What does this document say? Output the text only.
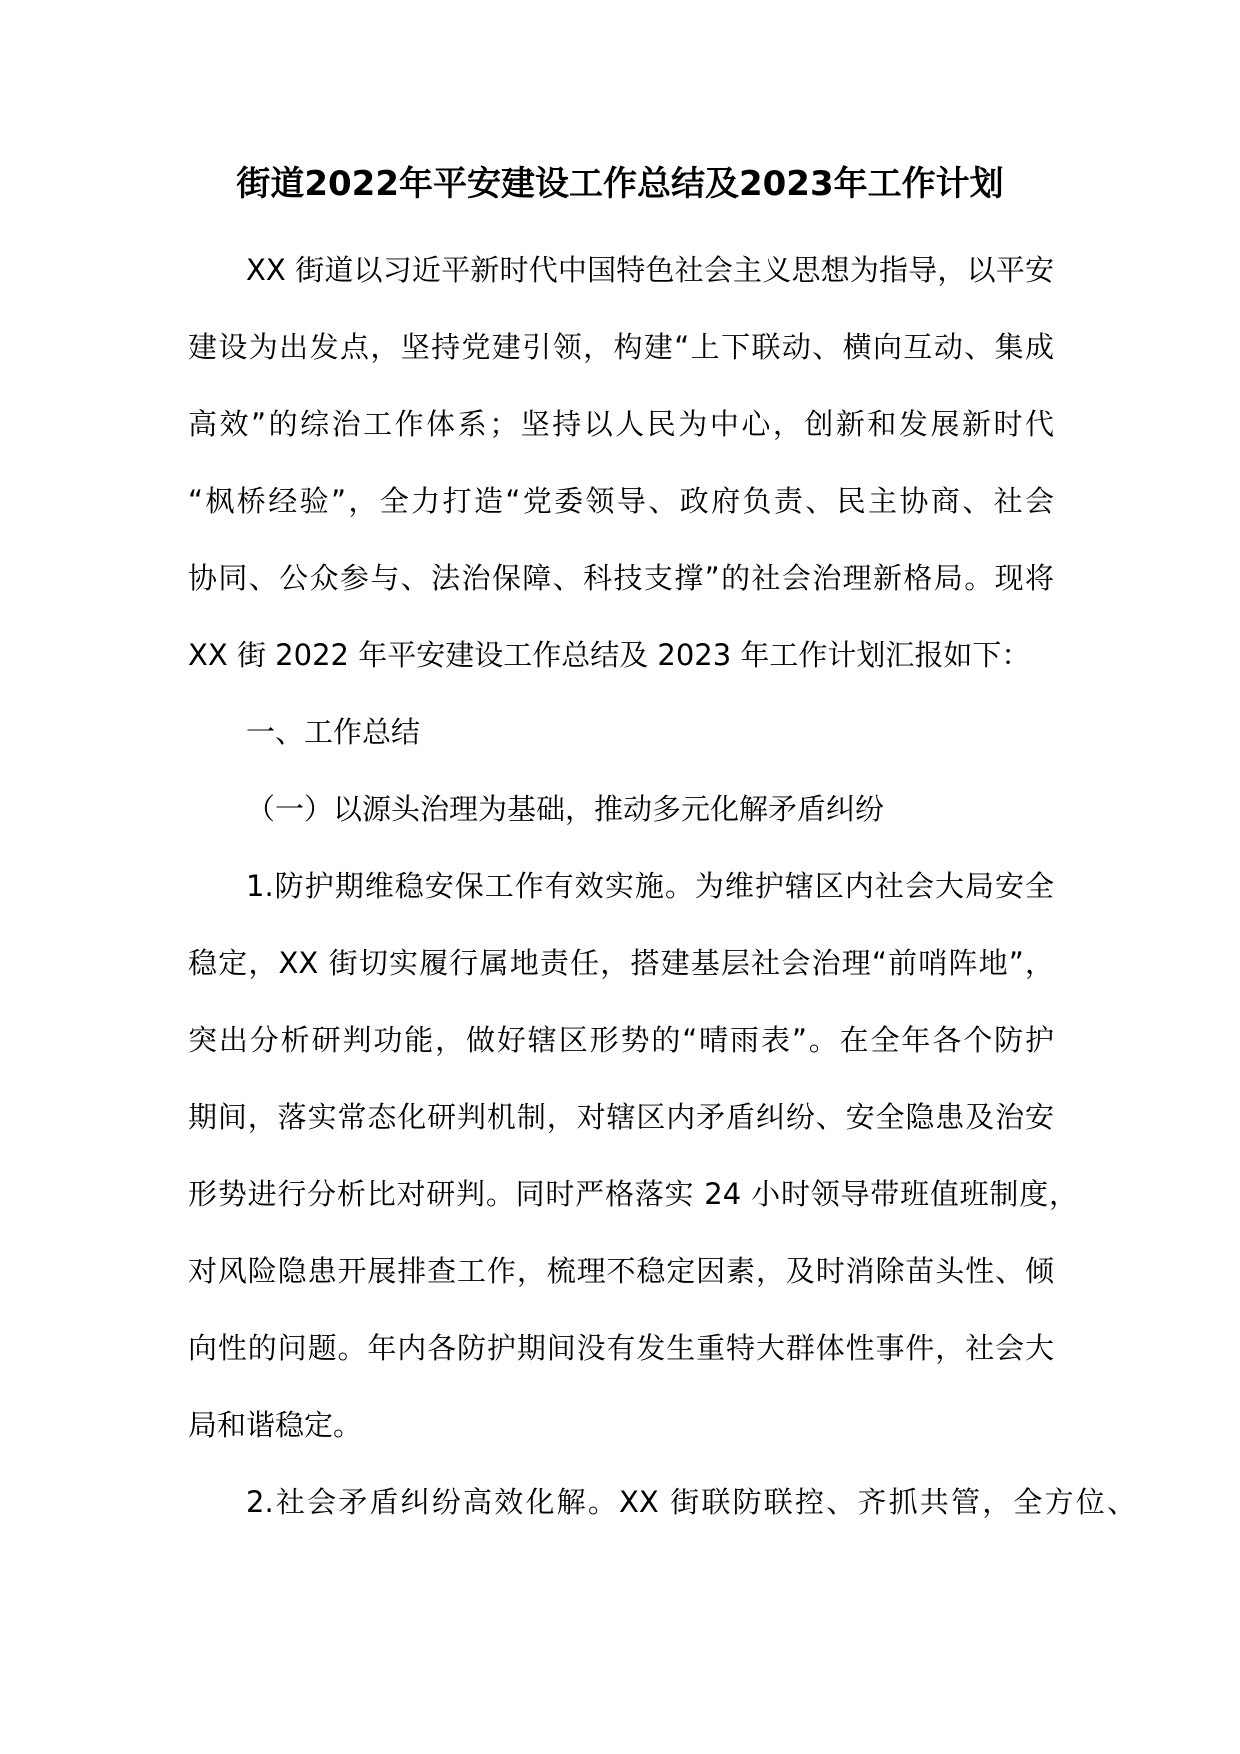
街道2022年平安建设工作总结及2023年工作计划
XX 街道以习近平新时代中国特色社会主义思想为指导，以平安
建设为出发点，坚持党建引领，构建“上下联动、横向互动、集成
高效”的综治工作体系；坚持以人民为中心，创新和发展新时代
“枫桥经验”，全力打造“党委领导、政府负责、民主协商、社会
协同、公众参与、法治保障、科技支撑”的社会治理新格局。现将
XX 街 2022 年平安建设工作总结及 2023 年工作计划汇报如下：
一、工作总结
（一）以源头治理为基础，推动多元化解矛盾纠纷
1.防护期维稳安保工作有效实施。为维护辖区内社会大局安全
稳定，XX 街切实履行属地责任，搭建基层社会治理“前哨阵地”，
突出分析研判功能，做好辖区形势的“晴雨表”。在全年各个防护
期间，落实常态化研判机制，对辖区内矛盾纠纷、安全隐患及治安
形势进行分析比对研判。同时严格落实 24 小时领导带班值班制度，
对风险隐患开展排查工作，梳理不稳定因素，及时消除苗头性、倾
向性的问题。年内各防护期间没有发生重特大群体性事件，社会大
局和谐稳定。
2.社会矛盾纠纷高效化解。XX 街联防联控、齐抓共管，全方位、
